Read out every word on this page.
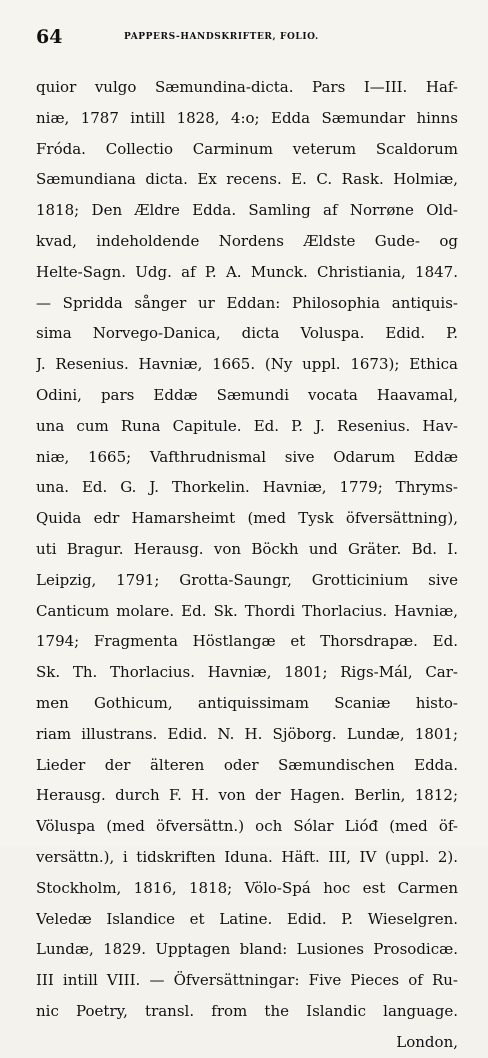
64	PAPPERS-HANDSKRIFTER, FOLIO.
quior vulgo Sæmundina-dicta. Pars I—III. Haf-
niæ, 1787 intill 1828, 4:o; Edda Sæmundar hinns
Fróda. Collectio Carminum veterum Scaldorum
Sæmundiana dicta. Ex recens. E. C. Rask. Holmiæ,
1818; Den Ældre Edda. Samling af Norrøne Old-
kvad, indeholdende Nordens Ældste Gude- og
Helte-Sagn. Udg. af P. A. Munck. Christiania, 1847.
— Spridda sånger ur Eddan: Philosophia antiquis-
sima Norvego-Danica, dicta Voluspa. Edid. P.
J. Resenius. Havniæ, 1665. (Ny uppl. 1673); Ethica
Odini, pars Eddæ Sæmundi vocata Haavamal,
una cum Runa Capitule. Ed. P. J. Resenius. Hav-
niæ, 1665; Vafthrudnismal sive Odarum Eddæ
una. Ed. G. J. Thorkelin. Havniæ, 1779; Thryms-
Quida edr Hamarsheimt (med Tysk öfversättning),
uti Bragur. Herausg. von Böckh und Gräter. Bd. I.
Leipzig, 1791; Grotta-Saungr, Grotticinium sive
Canticum molare. Ed. Sk. Thordi Thorlacius. Havniæ,
1794; Fragmenta Höstlangæ et Thorsdrapæ. Ed.
Sk. Th. Thorlacius. Havniæ, 1801; Rigs-Mál, Car-
men Gothicum, antiquissimam Scaniæ histo-
riam illustrans. Edid. N. H. Sjöborg. Lundæ, 1801;
Lieder der älteren oder Sæmundischen Edda.
Herausg. durch F. H. von der Hagen. Berlin, 1812;
Völuspa (med öfversättn.) och Sólar Lióđ (med öf-
versättn.), i tidskriften Iduna. Häft. III, IV (uppl. 2).
Stockholm, 1816, 1818; Völo-Spá hoc est Carmen
Veledæ Islandice et Latine. Edid. P. Wieselgren.
Lundæ, 1829. Upptagen bland: Lusiones Prosodicæ.
III intill VIII. — Öfversättningar: Five Pieces of Ru-
nic Poetry, transl. from the Islandic language.
London,
